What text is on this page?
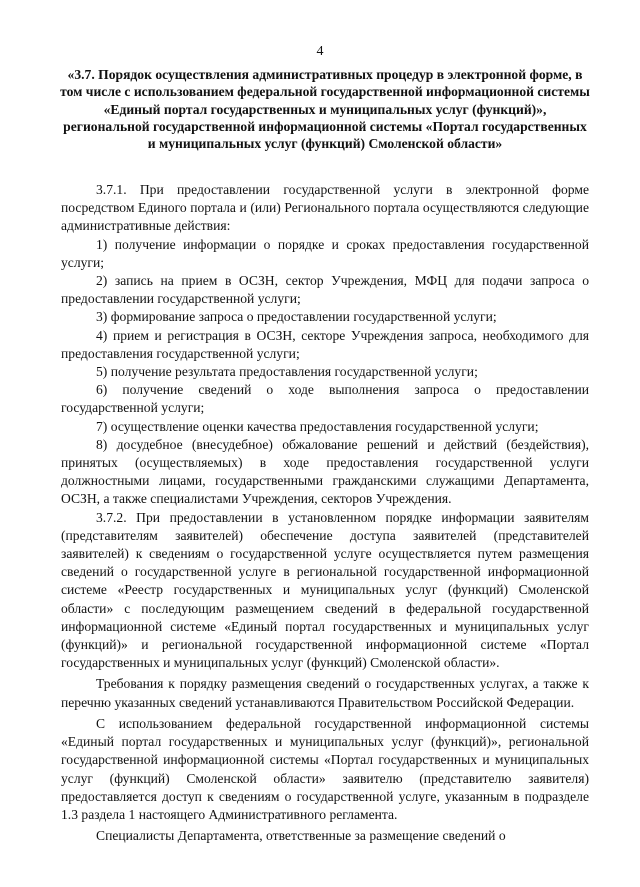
4
«3.7. Порядок осуществления административных процедур в электронной форме, в том числе с использованием федеральной государственной информационной системы «Единый портал государственных и муниципальных услуг (функций)», региональной государственной информационной системы «Портал государственных и муниципальных услуг (функций) Смоленской области»

3.7.1. При предоставлении государственной услуги в электронной форме посредством Единого портала и (или) Регионального портала осуществляются следующие административные действия:

1) получение информации о порядке и сроках предоставления государственной услуги;

2) запись на прием в ОСЗН, сектор Учреждения, МФЦ для подачи запроса о предоставлении государственной услуги;

3) формирование запроса о предоставлении государственной услуги;

4) прием и регистрация в ОСЗН, секторе Учреждения запроса, необходимого для предоставления государственной услуги;

5) получение результата предоставления государственной услуги;

6) получение сведений о ходе выполнения запроса о предоставлении государственной услуги;

7) осуществление оценки качества предоставления государственной услуги;

8) досудебное (внесудебное) обжалование решений и действий (бездействия), принятых (осуществляемых) в ходе предоставления государственной услуги должностными лицами, государственными гражданскими служащими Департамента, ОСЗН, а также специалистами Учреждения, секторов Учреждения.

3.7.2. При предоставлении в установленном порядке информации заявителям (представителям заявителей) обеспечение доступа заявителей (представителей заявителей) к сведениям о государственной услуге осуществляется путем размещения сведений о государственной услуге в региональной государственной информационной системе «Реестр государственных и муниципальных услуг (функций) Смоленской области» с последующим размещением сведений в федеральной государственной информационной системе «Единый портал государственных и муниципальных услуг (функций)» и региональной государственной информационной системе «Портал государственных и муниципальных услуг (функций) Смоленской области».

Требования к порядку размещения сведений о государственных услугах, а также к перечню указанных сведений устанавливаются Правительством Российской Федерации.

С использованием федеральной государственной информационной системы «Единый портал государственных и муниципальных услуг (функций)», региональной государственной информационной системы «Портал государственных и муниципальных услуг (функций) Смоленской области» заявителю (представителю заявителя) предоставляется доступ к сведениям о государственной услуге, указанным в подразделе 1.3 раздела 1 настоящего Административного регламента.

Специалисты Департамента, ответственные за размещение сведений о
